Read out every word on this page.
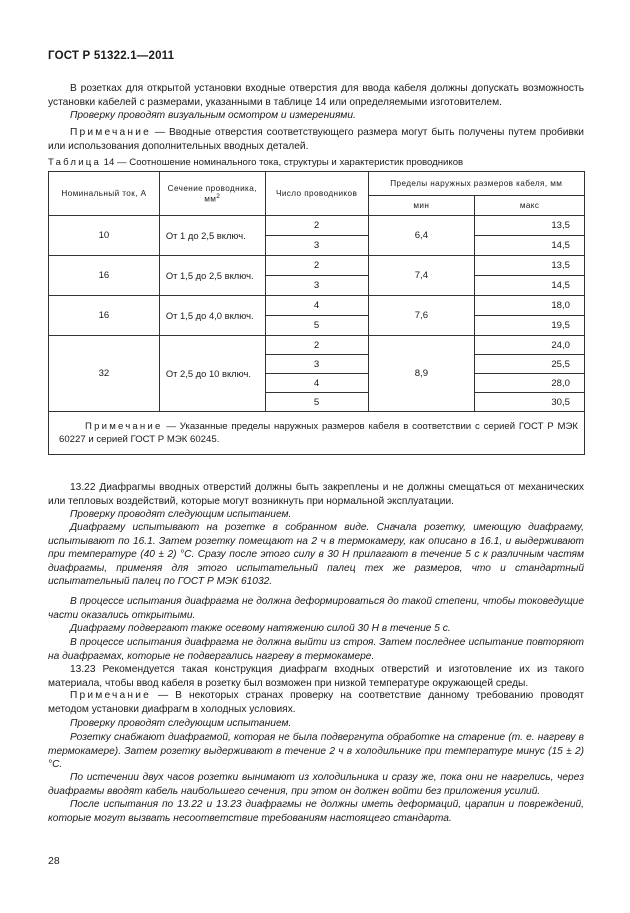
ГОСТ Р 51322.1—2011
В розетках для открытой установки входные отверстия для ввода кабеля должны допускать возможность установки кабелей с размерами, указанными в таблице 14 или определяемыми изготовителем.
Проверку проводят визуальным осмотром и измерениями.
Примечание — Вводные отверстия соответствующего размера могут быть получены путем пробивки или использования дополнительных вводных деталей.
Таблица 14 — Соотношение номинального тока, структуры и характеристик проводников
Номинальный ток, А	Сечение проводника, $мм^2$	Число проводников	Пределы наружных размеров кабеля, мм	
			мин	макс
10	От 1 до 2,5 включ.	2	6,4	13,5
		3		14,5
16	От 1,5 до 2,5 включ.	2	7,4	13,5
		3		14,5
16	От 1,5 до 4,0 включ.	4	7,6	18,0
		5		19,5
32	От 2,5 до 10 включ.	2	8,9	24,0
		3		25,5
		4		28,0
		5		30,5
Примечание — Указанные пределы наружных размеров кабеля в соответствии с серией ГОСТ Р МЭК 60227 и серией ГОСТ Р МЭК 60245.				
13.22 Диафрагмы вводных отверстий должны быть закреплены и не должны смещаться от механических или тепловых воздействий, которые могут возникнуть при нормальной эксплуатации.
Проверку проводят следующим испытанием.
Диафрагму испытывают на розетке в собранном виде. Сначала розетку, имеющую диафрагму, испытывают по 16.1. Затем розетку помещают на 2 ч в термокамеру, как описано в 16.1, и выдерживают при температуре (40 ± 2) °С. Сразу после этого силу в 30 Н прилагают в течение 5 с к различным частям диафрагмы, применяя для этого испытательный палец тех же размеров, что и стандартный испытательный палец по ГОСТ Р МЭК 61032.
В процессе испытания диафрагма не должна деформироваться до такой степени, чтобы токоведущие части оказались открытыми.
Диафрагму подвергают также осевому натяжению силой 30 Н в течение 5 с.
В процессе испытания диафрагма не должна выйти из строя. Затем последнее испытание повторяют на диафрагмах, которые не подвергались нагреву в термокамере.
13.23 Рекомендуется такая конструкция диафрагм входных отверстий и изготовление их из такого материала, чтобы ввод кабеля в розетку был возможен при низкой температуре окружающей среды.
Примечание — В некоторых странах проверку на соответствие данному требованию проводят методом установки диафрагм в холодных условиях.
Проверку проводят следующим испытанием.
Розетку снабжают диафрагмой, которая не была подвергнута обработке на старение (т. е. нагреву в термокамере). Затем розетку выдерживают в течение 2 ч в холодильнике при температуре минус (15 ± 2) °С.
По истечении двух часов розетки вынимают из холодильника и сразу же, пока они не нагрелись, через диафрагмы вводят кабель наибольшего сечения, при этом он должен войти без приложения усилий.
После испытания по 13.22 и 13.23 диафрагмы не должны иметь деформаций, царапин и повреждений, которые могут вызвать несоответствие требованиям настоящего стандарта.
28
